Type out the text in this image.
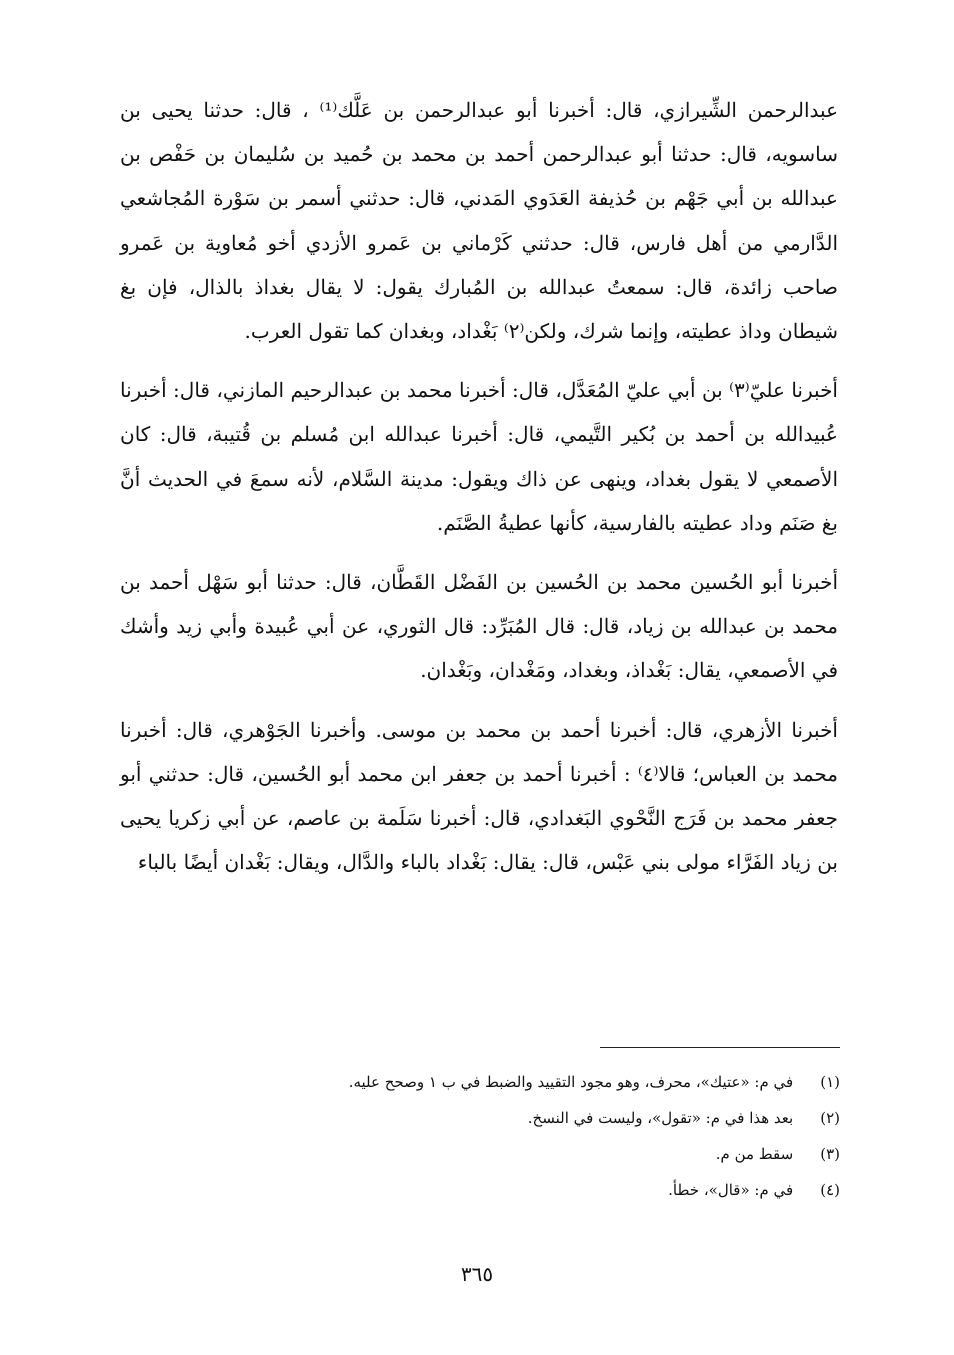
عبدالرحمن الشِّيرازي، قال: أخبرنا أبو عبدالرحمن بن عَلَّك⁽¹⁾ ، قال: حدثنا يحيى بن ساسويه، قال: حدثنا أبو عبدالرحمن أحمد بن محمد بن حُميد بن سُليمان بن حَفْص بن عبدالله بن أبي جَهْم بن حُذيفة العَدَوي المَدني، قال: حدثني أسمر بن سَوْرة المُجاشعي الدَّارمي من أهل فارس، قال: حدثني كَرْماني بن عَمرو الأزدي أخو مُعاوية بن عَمرو صاحب زائدة، قال: سمعتُ عبدالله بن المُبارك يقول: لا يقال بغداذ بالذال، فإن بغ شيطان وداذ عطيته، وإنما شرك، ولكن⁽٢⁾ بَغْداد، وبغدان كما تقول العرب.

أخبرنا عليّ⁽٣⁾ بن أبي عليّ المُعَدَّل، قال: أخبرنا محمد بن عبدالرحيم المازني، قال: أخبرنا عُبيدالله بن أحمد بن بُكير التَّيمي، قال: أخبرنا عبدالله ابن مُسلم بن قُتيبة، قال: كان الأصمعي لا يقول بغداد، وينهى عن ذاك ويقول: مدينة السَّلام، لأنه سمعَ في الحديث أنَّ بغ صَنَم وداد عطيته بالفارسية، كأنها عطيةُ الصَّنَم.

أخبرنا أبو الحُسين محمد بن الحُسين بن الفَضْل القَطَّان، قال: حدثنا أبو سَهْل أحمد بن محمد بن عبدالله بن زياد، قال: قال المُبَرِّد: قال الثوري، عن أبي عُبيدة وأبي زيد وأشك في الأصمعي، يقال: بَغْداذ، وبغداد، ومَغْدان، وبَغْدان.

أخبرنا الأزهري، قال: أخبرنا أحمد بن محمد بن موسى. وأخبرنا الجَوْهري، قال: أخبرنا محمد بن العباس؛ قالا⁽٤⁾ : أخبرنا أحمد بن جعفر ابن محمد أبو الحُسين، قال: حدثني أبو جعفر محمد بن فَرَج النَّحْوي البَغدادي، قال: أخبرنا سَلَمة بن عاصم، عن أبي زكريا يحيى بن زياد الفَرَّاء مولى بني عَبْس، قال: يقال: بَغْداد بالباء والدَّال، ويقال: بَغْدان أيضًا بالباء

(١) في م: «عتيك»، محرف، وهو مجود التقييد والضبط في ب ١ وصحح عليه.
(٢) بعد هذا في م: «تقول»، وليست في النسخ.
(٣) سقط من م.
(٤) في م: «قال»، خطأ.
٣٦٥
